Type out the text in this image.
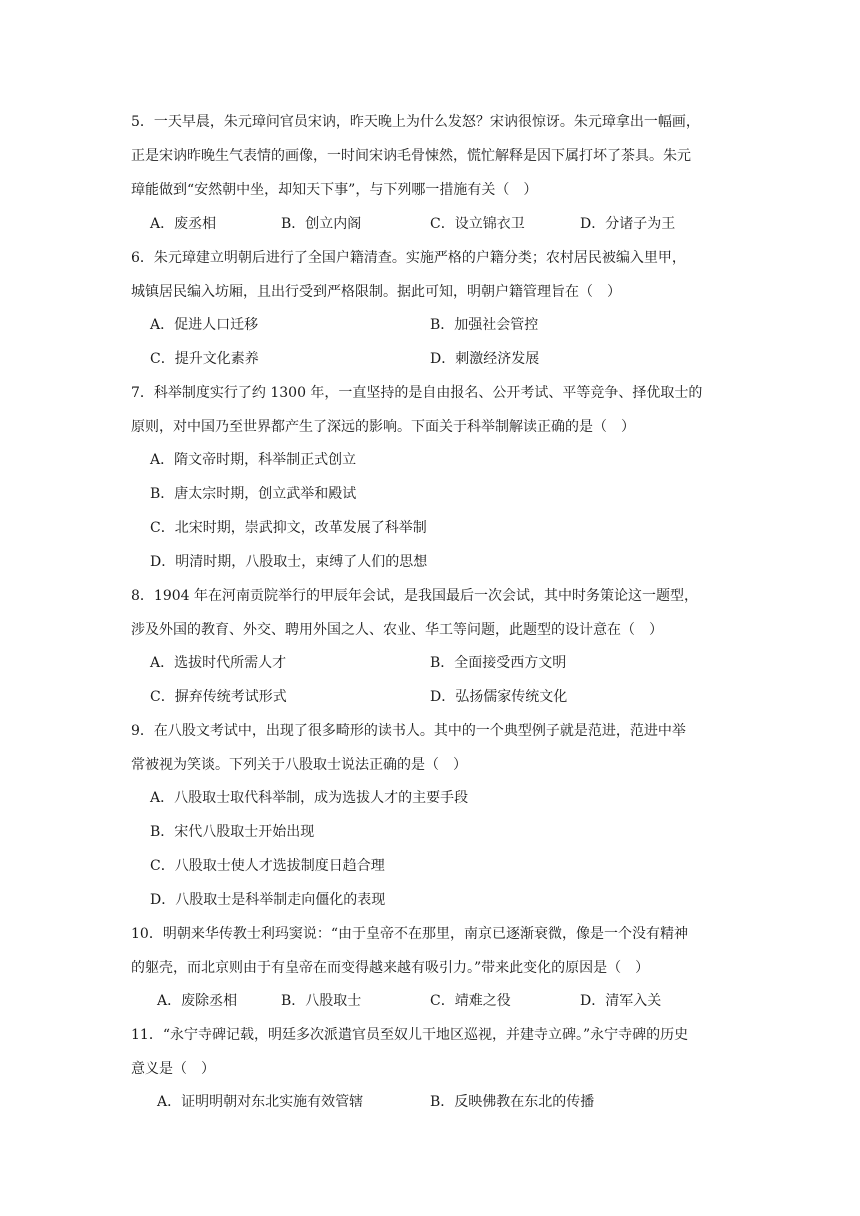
5．一天早晨，朱元璋问官员宋讷，昨天晚上为什么发怒？宋讷很惊讶。朱元璋拿出一幅画，
正是宋讷昨晚生气表情的画像，一时间宋讷毛骨悚然，慌忙解释是因下属打坏了茶具。朱元
璋能做到“安然朝中坐，却知天下事”，与下列哪一措施有关（　）
A．废丞相	B．创立内阁	C．设立锦衣卫	D．分诸子为王
6．朱元璋建立明朝后进行了全国户籍清查。实施严格的户籍分类；农村居民被编入里甲，
城镇居民编入坊厢，且出行受到严格限制。据此可知，明朝户籍管理旨在（　）
A．促进人口迁移	B．加强社会管控
C．提升文化素养	D．刺激经济发展
7．科举制度实行了约 1300 年，一直坚持的是自由报名、公开考试、平等竞争、择优取士的
原则，对中国乃至世界都产生了深远的影响。下面关于科举制解读正确的是（　）
A．隋文帝时期，科举制正式创立
B．唐太宗时期，创立武举和殿试
C．北宋时期，崇武抑文，改革发展了科举制
D．明清时期，八股取士，束缚了人们的思想
8．1904 年在河南贡院举行的甲辰年会试，是我国最后一次会试，其中时务策论这一题型，
涉及外国的教育、外交、聘用外国之人、农业、华工等问题，此题型的设计意在（　）
A．选拔时代所需人才	B．全面接受西方文明
C．摒弃传统考试形式	D．弘扬儒家传统文化
9．在八股文考试中，出现了很多畸形的读书人。其中的一个典型例子就是范进，范进中举
常被视为笑谈。下列关于八股取士说法正确的是（　）
A．八股取士取代科举制，成为选拔人才的主要手段
B．宋代八股取士开始出现
C．八股取士使人才选拔制度日趋合理
D．八股取士是科举制走向僵化的表现
10．明朝来华传教士利玛窦说：“由于皇帝不在那里，南京已逐渐衰微，像是一个没有精神
的躯壳，而北京则由于有皇帝在而变得越来越有吸引力。”带来此变化的原因是（　）
A．废除丞相	B．八股取士	C．靖难之役	D．清军入关
11．“永宁寺碑记载，明廷多次派遣官员至奴儿干地区巡视，并建寺立碑。”永宁寺碑的历史
意义是（　）
A．证明明朝对东北实施有效管辖	B．反映佛教在东北的传播
